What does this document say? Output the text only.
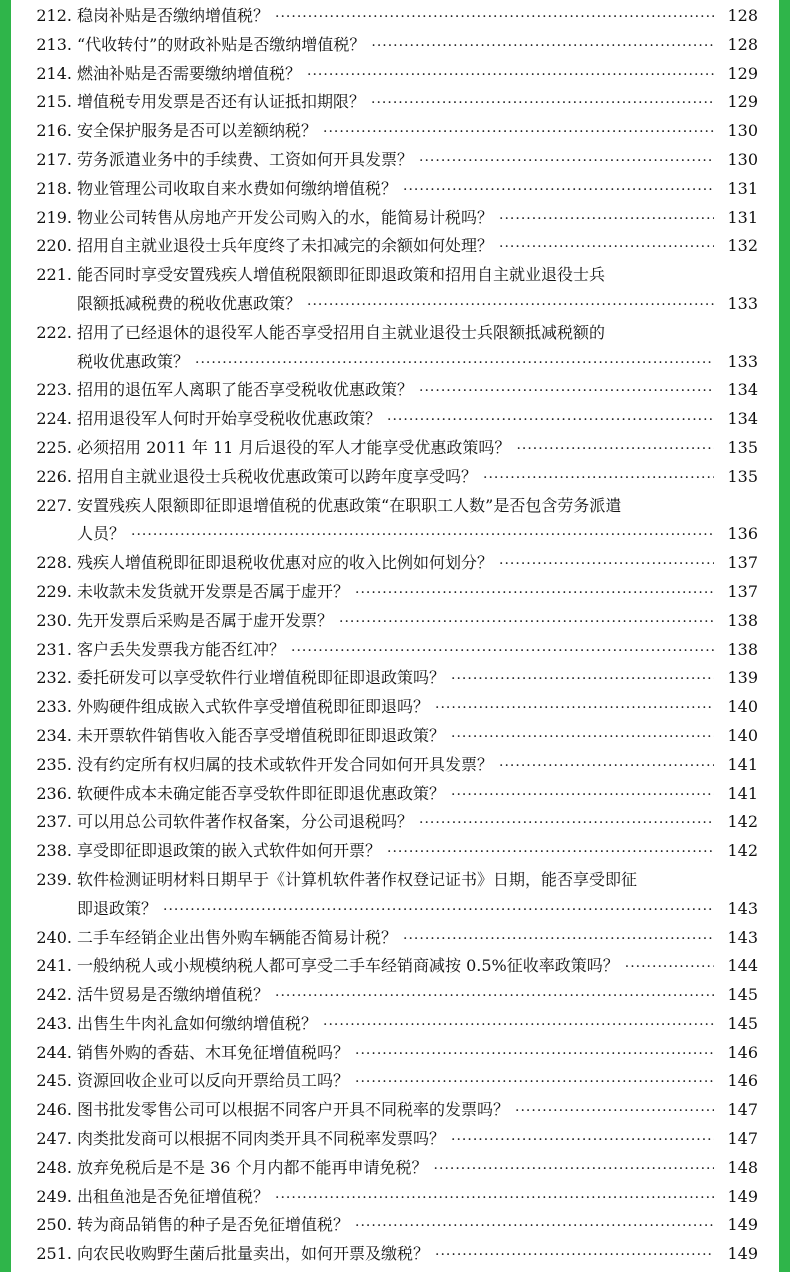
212. 稳岗补贴是否缴纳增值税？ ·····	128
213. “代收转付”的财政补贴是否缴纳增值税？ ·····	128
214. 燃油补贴是否需要缴纳增值税？ ·····	129
215. 增值税专用发票是否还有认证抵扣期限？ ·····	129
216. 安全保护服务是否可以差额纳税？ ·····	130
217. 劳务派遣业务中的手续费、工资如何开具发票？ ·····	130
218. 物业管理公司收取自来水费如何缴纳增值税？ ·····	131
219. 物业公司转售从房地产开发公司购入的水，能简易计税吗？ ·····	131
220. 招用自主就业退役士兵年度终了未扣减完的余额如何处理？ ·····	132
221. 能否同时享受安置残疾人增值税限额即征即退政策和招用自主就业退役士兵
限额抵减税费的税收优惠政策？ ·····	133
222. 招用了已经退休的退役军人能否享受招用自主就业退役士兵限额抵减税额的
税收优惠政策？ ·····	133
223. 招用的退伍军人离职了能否享受税收优惠政策？ ·····	134
224. 招用退役军人何时开始享受税收优惠政策？ ·····	134
225. 必须招用 2011 年 11 月后退役的军人才能享受优惠政策吗？ ·····	135
226. 招用自主就业退役士兵税收优惠政策可以跨年度享受吗？ ·····	135
227. 安置残疾人限额即征即退增值税的优惠政策“在职职工人数”是否包含劳务派遣
人员？ ·····	136
228. 残疾人增值税即征即退税收优惠对应的收入比例如何划分？ ·····	137
229. 未收款未发货就开发票是否属于虚开？ ·····	137
230. 先开发票后采购是否属于虚开发票？ ·····	138
231. 客户丢失发票我方能否红冲？ ·····	138
232. 委托研发可以享受软件行业增值税即征即退政策吗？ ·····	139
233. 外购硬件组成嵌入式软件享受增值税即征即退吗？ ·····	140
234. 未开票软件销售收入能否享受增值税即征即退政策？ ·····	140
235. 没有约定所有权归属的技术或软件开发合同如何开具发票？ ·····	141
236. 软硬件成本未确定能否享受软件即征即退优惠政策？ ·····	141
237. 可以用总公司软件著作权备案，分公司退税吗？ ·····	142
238. 享受即征即退政策的嵌入式软件如何开票？ ·····	142
239. 软件检测证明材料日期早于《计算机软件著作权登记证书》日期，能否享受即征
即退政策？ ·····	143
240. 二手车经销企业出售外购车辆能否简易计税？ ·····	143
241. 一般纳税人或小规模纳税人都可享受二手车经销商减按 0.5%征收率政策吗？ ·····	144
242. 活牛贸易是否缴纳增值税？ ·····	145
243. 出售生牛肉礼盒如何缴纳增值税？ ·····	145
244. 销售外购的香菇、木耳免征增值税吗？ ·····	146
245. 资源回收企业可以反向开票给员工吗？ ·····	146
246. 图书批发零售公司可以根据不同客户开具不同税率的发票吗？ ·····	147
247. 肉类批发商可以根据不同肉类开具不同税率发票吗？ ·····	147
248. 放弃免税后是不是 36 个月内都不能再申请免税？ ·····	148
249. 出租鱼池是否免征增值税？ ·····	149
250. 转为商品销售的种子是否免征增值税？ ·····	149
251. 向农民收购野生菌后批量卖出，如何开票及缴税？ ·····	149
